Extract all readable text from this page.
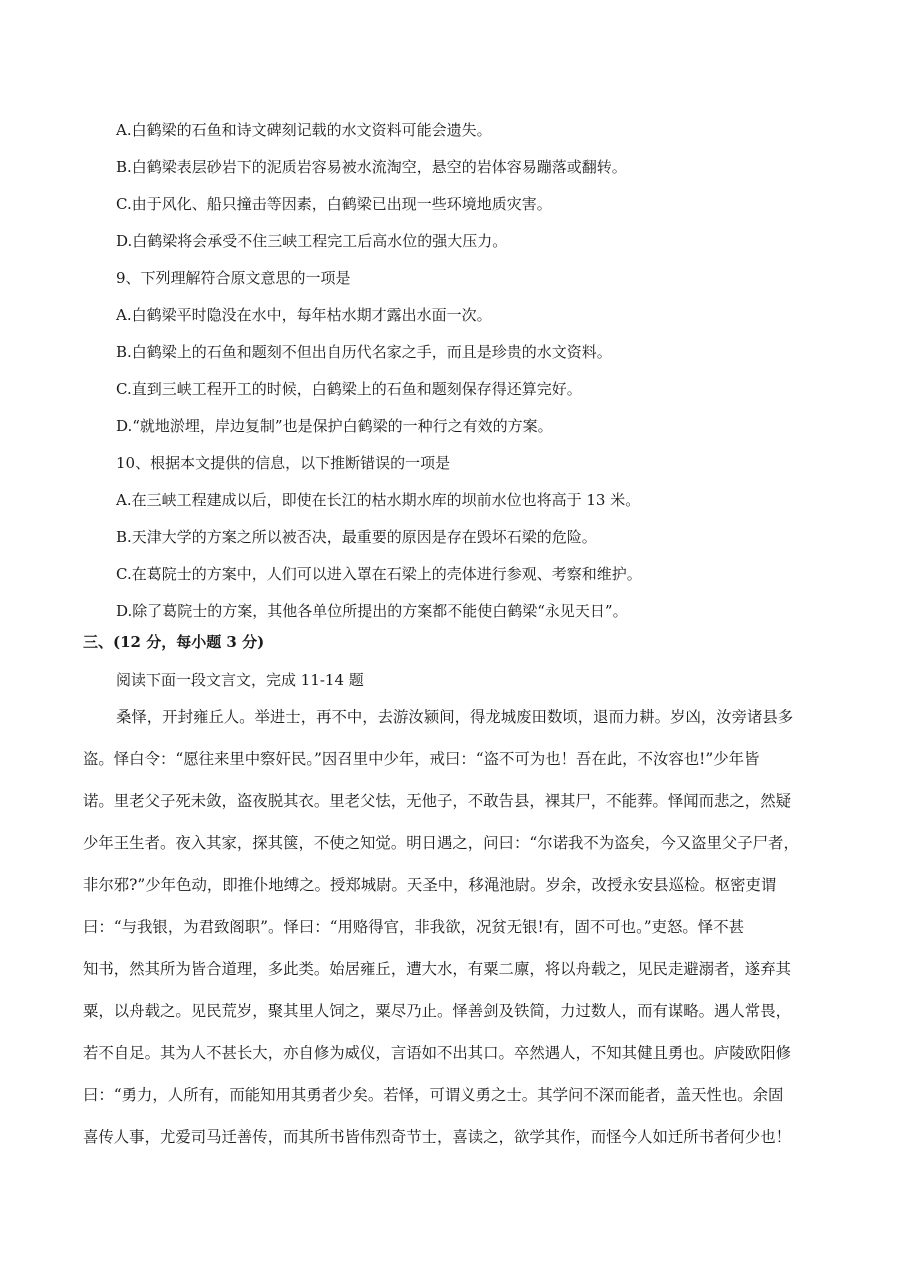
A.白鹤梁的石鱼和诗文碑刻记载的水文资料可能会遗失。
B.白鹤梁表层砂岩下的泥质岩容易被水流淘空，悬空的岩体容易蹦落或翻转。
C.由于风化、船只撞击等因素，白鹤梁已出现一些环境地质灾害。
D.白鹤梁将会承受不住三峡工程完工后高水位的强大压力。
9、下列理解符合原文意思的一项是
A.白鹤梁平时隐没在水中，每年枯水期才露出水面一次。
B.白鹤梁上的石鱼和题刻不但出自历代名家之手，而且是珍贵的水文资料。
C.直到三峡工程开工的时候，白鹤梁上的石鱼和题刻保存得还算完好。
D.“就地淤埋，岸边复制”也是保护白鹤梁的一种行之有效的方案。
10、根据本文提供的信息，以下推断错误的一项是
A.在三峡工程建成以后，即使在长江的枯水期水库的坝前水位也将高于 13 米。
B.天津大学的方案之所以被否决，最重要的原因是存在毁坏石梁的危险。
C.在葛院士的方案中，人们可以进入罩在石梁上的壳体进行参观、考察和维护。
D.除了葛院士的方案，其他各单位所提出的方案都不能使白鹤梁“永见天日”。
三、(12 分，每小题 3 分)
阅读下面一段文言文，完成 11-14 题
桑怿，开封雍丘人。举进士，再不中，去游汝颍间，得龙城废田数顷，退而力耕。岁凶，汝旁诸县多
盗。怿白令：“愿往来里中察奸民。”因召里中少年，戒曰：“盗不可为也！吾在此，不汝容也!”少年皆
诺。里老父子死未敛，盗夜脱其衣。里老父怯，无他子，不敢告县，裸其尸，不能葬。怿闻而悲之，然疑
少年王生者。夜入其家，探其箧，不使之知觉。明日遇之，问曰：“尔诺我不为盗矣，今又盗里父子尸者，
非尔邪?”少年色动，即推仆地缚之。授郑城尉。天圣中，移渑池尉。岁余，改授永安县巡检。枢密吏谓
曰：“与我银，为君致阁职”。怿曰：“用赂得官，非我欲，况贫无银!有，固不可也。”吏怒。怿不甚
知书，然其所为皆合道理，多此类。始居雍丘，遭大水，有粟二廪，将以舟载之，见民走避溺者，遂弃其
粟，以舟载之。见民荒岁，聚其里人饲之，粟尽乃止。怿善剑及铁简，力过数人，而有谋略。遇人常畏，
若不自足。其为人不甚长大，亦自修为威仪，言语如不出其口。卒然遇人，不知其健且勇也。庐陵欧阳修
曰：“勇力，人所有，而能知用其勇者少矣。若怿，可谓义勇之士。其学问不深而能者，盖天性也。余固
喜传人事，尤爱司马迁善传，而其所书皆伟烈奇节士，喜读之，欲学其作，而怪今人如迁所书者何少也！
